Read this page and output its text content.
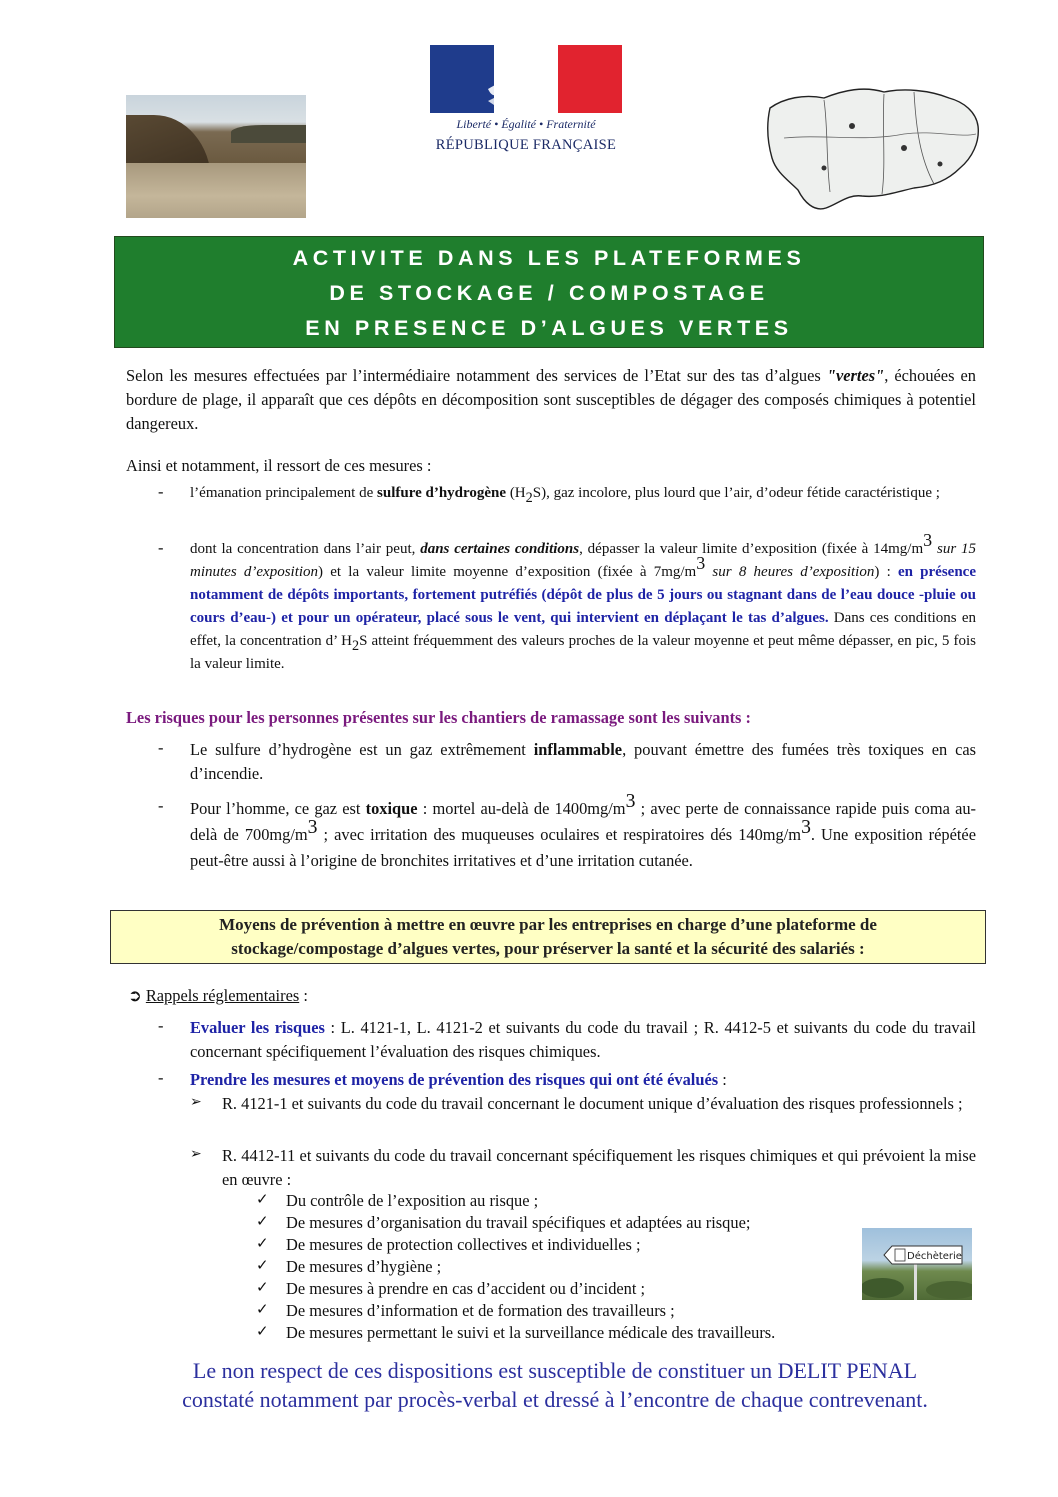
Liberté • Égalité • Fraternité
RÉPUBLIQUE FRANÇAISE
ACTIVITE DANS LES PLATEFORMES
DE STOCKAGE / COMPOSTAGE
EN PRESENCE D’ALGUES VERTES
Selon les mesures effectuées par l’intermédiaire notamment des services de l’Etat sur des tas d’algues "vertes", échouées en bordure de plage, il apparaît que ces dépôts en décomposition sont susceptibles de dégager des composés chimiques à potentiel dangereux.
Ainsi et notamment, il ressort de ces mesures :
- l’émanation principalement de sulfure d’hydrogène $(H_2S)$, gaz incolore, plus lourd que l’air, d’odeur fétide caractéristique ;
- dont la concentration dans l’air peut, dans certaines conditions, dépasser la valeur limite d’exposition (fixée à $14mg/m^3$ sur 15 minutes d’exposition) et la valeur limite moyenne d’exposition (fixée à $7mg/m^3$ sur 8 heures d’exposition) : en présence notamment de dépôts importants, fortement putréfiés (dépôt de plus de 5 jours ou stagnant dans de l’eau douce -pluie ou cours d’eau-) et pour un opérateur, placé sous le vent, qui intervient en déplaçant le tas d’algues. Dans ces conditions en effet, la concentration d’ $H_2S$ atteint fréquemment des valeurs proches de la valeur moyenne et peut même dépasser, en pic, 5 fois la valeur limite.
Les risques pour les personnes présentes sur les chantiers de ramassage sont les suivants :
- Le sulfure d’hydrogène est un gaz extrêmement inflammable, pouvant émettre des fumées très toxiques en cas d’incendie.
- Pour l’homme, ce gaz est toxique : mortel au-delà de $1400mg/m^3$ ; avec perte de connaissance rapide puis coma au-delà de $700mg/m^3$ ; avec irritation des muqueuses oculaires et respiratoires dés $140mg/m^3$. Une exposition répétée peut-être aussi à l’origine de bronchites irritatives et d’une irritation cutanée.
Moyens de prévention à mettre en œuvre par les entreprises en charge d’une plateforme de
stockage/compostage d’algues vertes, pour préserver la santé et la sécurité des salariés :
➲ Rappels réglementaires :
- Evaluer les risques : L. 4121-1, L. 4121-2 et suivants du code du travail ; R. 4412-5 et suivants du code du travail concernant spécifiquement l’évaluation des risques chimiques.
- Prendre les mesures et moyens de prévention des risques qui ont été évalués :
➢ R. 4121-1 et suivants du code du travail concernant le document unique d’évaluation des risques professionnels ;
➢ R. 4412-11 et suivants du code du travail concernant spécifiquement les risques chimiques et qui prévoient la mise en œuvre :
✓ Du contrôle de l’exposition au risque ;
✓ De mesures d’organisation du travail spécifiques et adaptées au risque;
✓ De mesures de protection collectives et individuelles ;
✓ De mesures d’hygiène ;
✓ De mesures à prendre en cas d’accident ou d’incident ;
✓ De mesures d’information et de formation des travailleurs ;
✓ De mesures permettant le suivi et la surveillance médicale des travailleurs.
Déchèterie
Le non respect de ces dispositions est susceptible de constituer un DELIT PENAL
constaté notamment par procès-verbal et dressé à l’encontre de chaque contrevenant.
